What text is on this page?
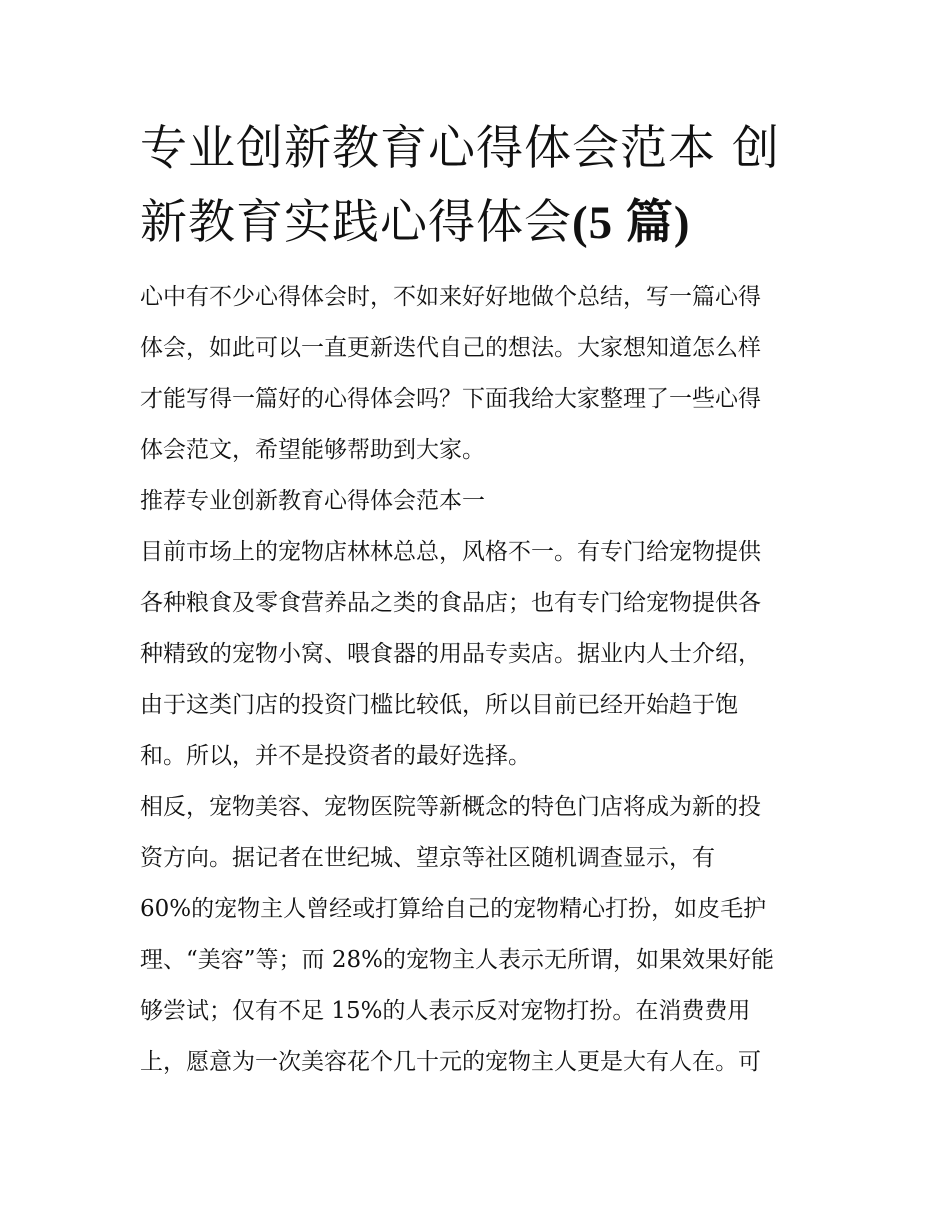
专业创新教育心得体会范本 创
新教育实践心得体会(5 篇)

心中有不少心得体会时，不如来好好地做个总结，写一篇心得
体会，如此可以一直更新迭代自己的想法。大家想知道怎么样
才能写得一篇好的心得体会吗？下面我给大家整理了一些心得
体会范文，希望能够帮助到大家。

推荐专业创新教育心得体会范本一

目前市场上的宠物店林林总总，风格不一。有专门给宠物提供
各种粮食及零食营养品之类的食品店；也有专门给宠物提供各
种精致的宠物小窝、喂食器的用品专卖店。据业内人士介绍，
由于这类门店的投资门槛比较低，所以目前已经开始趋于饱
和。所以，并不是投资者的最好选择。

相反，宠物美容、宠物医院等新概念的特色门店将成为新的投
资方向。据记者在世纪城、望京等社区随机调查显示，有
60%的宠物主人曾经或打算给自己的宠物精心打扮，如皮毛护
理、“美容”等；而 28%的宠物主人表示无所谓，如果效果好能
够尝试；仅有不足 15%的人表示反对宠物打扮。在消费费用
上，愿意为一次美容花个几十元的宠物主人更是大有人在。可
